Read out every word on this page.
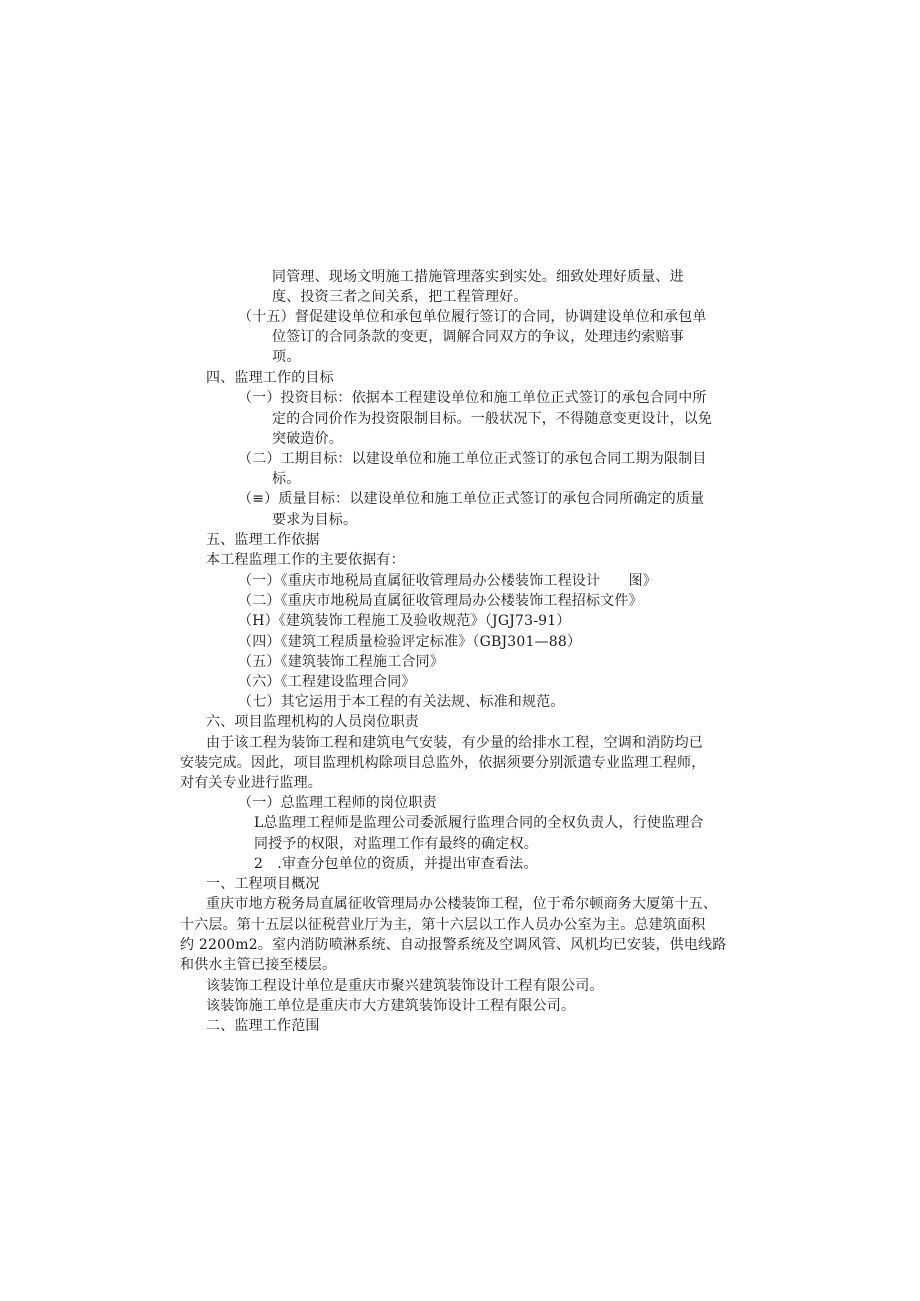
同管理、现场文明施工措施管理落实到实处。细致处理好质量、进
度、投资三者之间关系，把工程管理好。
（十五）督促建设单位和承包单位履行签订的合同，协调建设单位和承包单
位签订的合同条款的变更，调解合同双方的争议，处理违约索赔事
项。
四、监理工作的目标
（一）投资目标：依据本工程建设单位和施工单位正式签订的承包合同中所
定的合同价作为投资限制目标。一般状况下，不得随意变更设计，以免
突破造价。
（二）工期目标：以建设单位和施工单位正式签订的承包合同工期为限制目
标。
（≡）质量目标：以建设单位和施工单位正式签订的承包合同所确定的质量
要求为目标。
五、监理工作依据
本工程监理工作的主要依据有：
（一）《重庆市地税局直属征收管理局办公楼装饰工程设计　　图》
（二）《重庆市地税局直属征收管理局办公楼装饰工程招标文件》
（H）《建筑装饰工程施工及验收规范》（JGJ73-91）
（四）《建筑工程质量检验评定标准》（GBJ301—88）
（五）《建筑装饰工程施工合同》
（六）《工程建设监理合同》
（七）其它运用于本工程的有关法规、标准和规范。
六、项目监理机构的人员岗位职责
由于该工程为装饰工程和建筑电气安装，有少量的给排水工程，空调和消防均已
安装完成。因此，项目监理机构除项目总监外，依据须要分别派遣专业监理工程师，
对有关专业进行监理。
（一）总监理工程师的岗位职责
L总监理工程师是监理公司委派履行监理合同的全权负责人，行使监理合
同授予的权限，对监理工作有最终的确定权。
2　.审查分包单位的资质，并提出审查看法。
一、工程项目概况
重庆市地方税务局直属征收管理局办公楼装饰工程，位于希尔顿商务大厦第十五、
十六层。第十五层以征税营业厅为主，第十六层以工作人员办公室为主。总建筑面积
约 2200m2。室内消防喷淋系统、自动报警系统及空调风管、风机均已安装，供电线路
和供水主管已接至楼层。
该装饰工程设计单位是重庆市聚兴建筑装饰设计工程有限公司。
该装饰施工单位是重庆市大方建筑装饰设计工程有限公司。
二、监理工作范围
